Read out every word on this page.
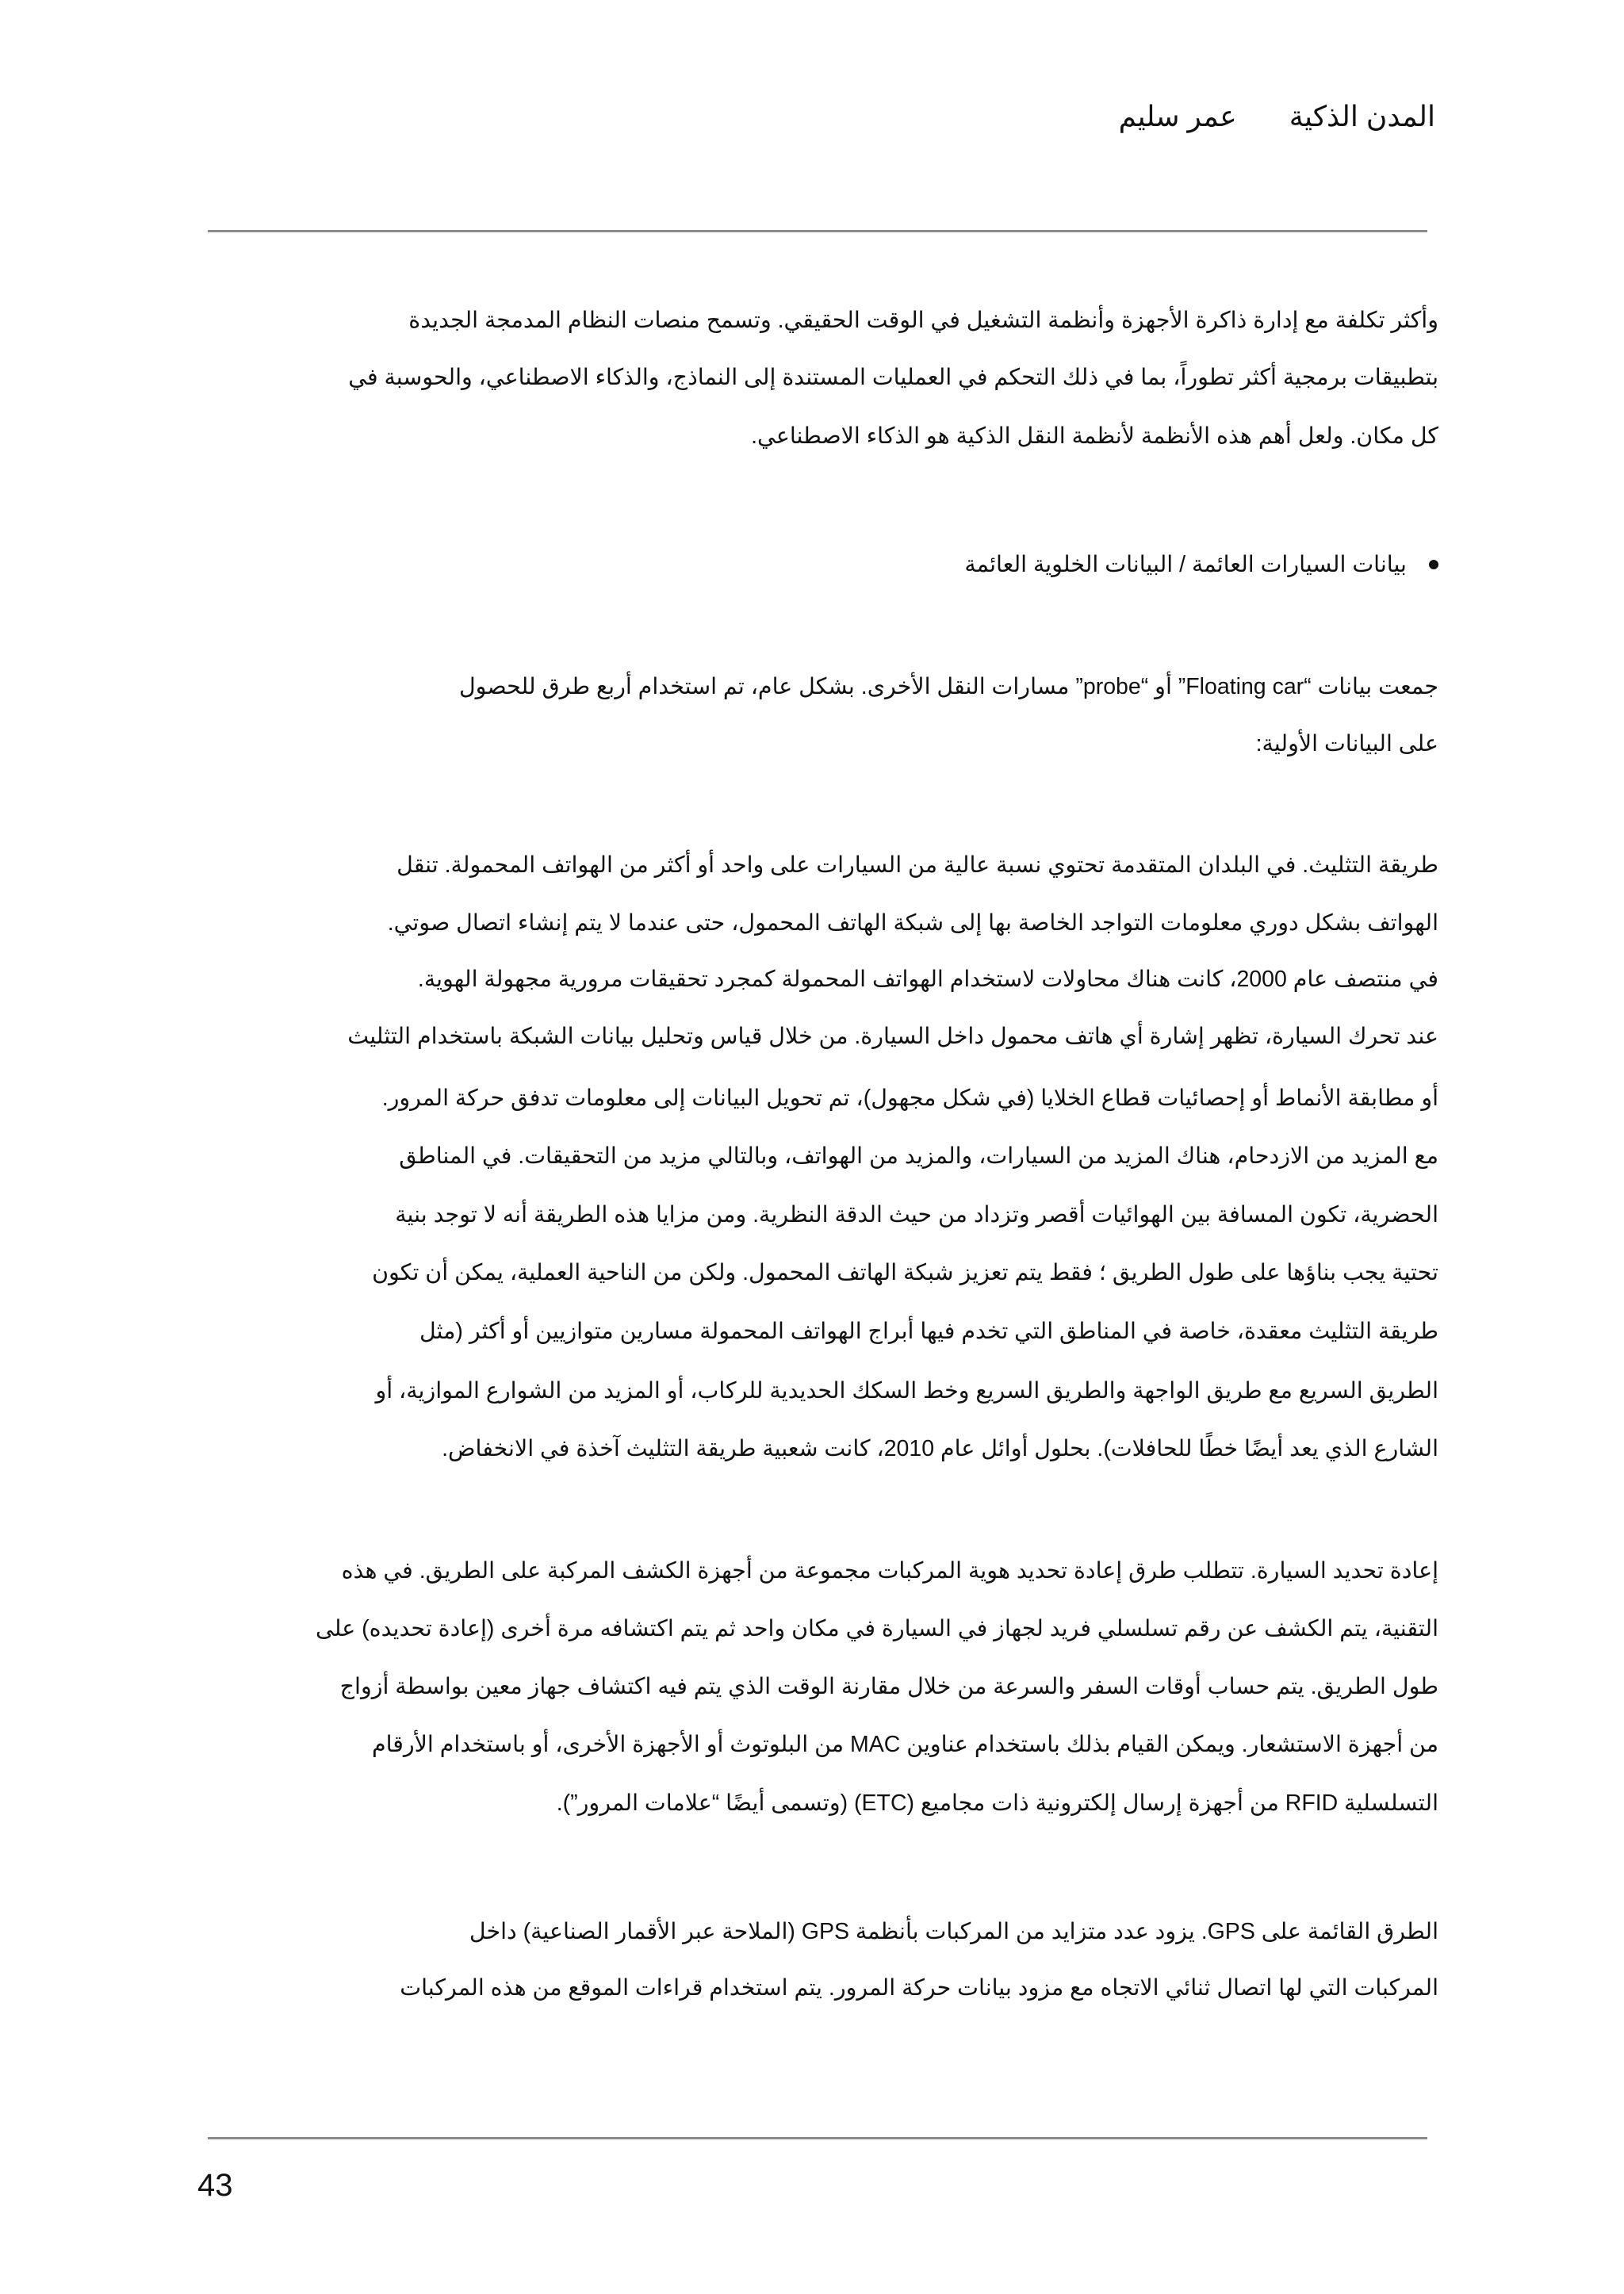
المدن الذكيةعمر سليم
وأكثر تكلفة مع إدارة ذاكرة الأجهزة وأنظمة التشغيل في الوقت الحقيقي. وتسمح منصات النظام المدمجة الجديدة
بتطبيقات برمجية أكثر تطوراً، بما في ذلك التحكم في العمليات المستندة إلى النماذج، والذكاء الاصطناعي، والحوسبة في
كل مكان. ولعل أهم هذه الأنظمة لأنظمة النقل الذكية هو الذكاء الاصطناعي.
بيانات السيارات العائمة / البيانات الخلوية العائمة
جمعت بيانات “Floating car” أو “probe” مسارات النقل الأخرى. بشكل عام، تم استخدام أربع طرق للحصول
على البيانات الأولية:
طريقة التثليث. في البلدان المتقدمة تحتوي نسبة عالية من السيارات على واحد أو أكثر من الهواتف المحمولة. تنقل
الهواتف بشكل دوري معلومات التواجد الخاصة بها إلى شبكة الهاتف المحمول، حتى عندما لا يتم إنشاء اتصال صوتي.
في منتصف عام 2000، كانت هناك محاولات لاستخدام الهواتف المحمولة كمجرد تحقيقات مرورية مجهولة الهوية.
عند تحرك السيارة، تظهر إشارة أي هاتف محمول داخل السيارة. من خلال قياس وتحليل بيانات الشبكة باستخدام التثليث
أو مطابقة الأنماط أو إحصائيات قطاع الخلايا (في شكل مجهول)، تم تحويل البيانات إلى معلومات تدفق حركة المرور.
مع المزيد من الازدحام، هناك المزيد من السيارات، والمزيد من الهواتف، وبالتالي مزيد من التحقيقات. في المناطق
الحضرية، تكون المسافة بين الهوائيات أقصر وتزداد من حيث الدقة النظرية. ومن مزايا هذه الطريقة أنه لا توجد بنية
تحتية يجب بناؤها على طول الطريق ؛ فقط يتم تعزيز شبكة الهاتف المحمول. ولكن من الناحية العملية، يمكن أن تكون
طريقة التثليث معقدة، خاصة في المناطق التي تخدم فيها أبراج الهواتف المحمولة مسارين متوازيين أو أكثر (مثل
الطريق السريع مع طريق الواجهة والطريق السريع وخط السكك الحديدية للركاب، أو المزيد من الشوارع الموازية، أو
الشارع الذي يعد أيضًا خطًا للحافلات). بحلول أوائل عام 2010، كانت شعبية طريقة التثليث آخذة في الانخفاض.
إعادة تحديد السيارة. تتطلب طرق إعادة تحديد هوية المركبات مجموعة من أجهزة الكشف المركبة على الطريق. في هذه
التقنية، يتم الكشف عن رقم تسلسلي فريد لجهاز في السيارة في مكان واحد ثم يتم اكتشافه مرة أخرى (إعادة تحديده) على
طول الطريق. يتم حساب أوقات السفر والسرعة من خلال مقارنة الوقت الذي يتم فيه اكتشاف جهاز معين بواسطة أزواج
من أجهزة الاستشعار. ويمكن القيام بذلك باستخدام عناوين MAC من البلوتوث أو الأجهزة الأخرى، أو باستخدام الأرقام
التسلسلية RFID من أجهزة إرسال إلكترونية ذات مجاميع (ETC) (وتسمى أيضًا “علامات المرور”).
الطرق القائمة على GPS. يزود عدد متزايد من المركبات بأنظمة GPS (الملاحة عبر الأقمار الصناعية) داخل
المركبات التي لها اتصال ثنائي الاتجاه مع مزود بيانات حركة المرور. يتم استخدام قراءات الموقع من هذه المركبات
43
